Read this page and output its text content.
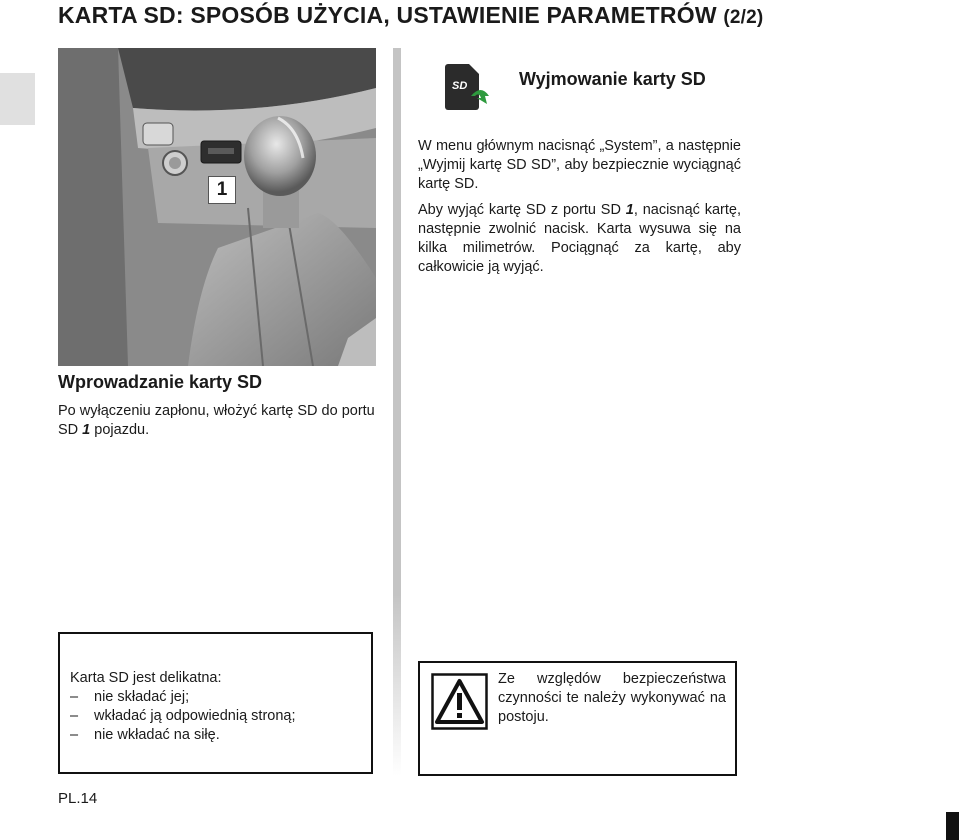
KARTA SD: SPOSÓB UŻYCIA, USTAWIENIE PARAMETRÓW (2/2)
1
Wprowadzanie karty SD

Po wyłączeniu zapłonu, włożyć kartę SD do portu SD 1 pojazdu.

SD	Wyjmowanie karty SD

W menu głównym nacisnąć „System”, a następnie „Wyjmij kartę SD SD”, aby bezpiecznie wyciągnąć kartę SD.

Aby wyjąć kartę SD z portu SD 1, nacisnąć kartę, następnie zwolnić nacisk. Karta wysuwa się na kilka milimetrów. Pociągnąć za kartę, aby całkowicie ją wyjąć.

Karta SD jest delikatna:
– nie składać jej;
– wkładać ją odpowiednią stroną;
– nie wkładać na siłę.
Ze względów bezpieczeństwa czynności te należy wykonywać na postoju.
PL.14
